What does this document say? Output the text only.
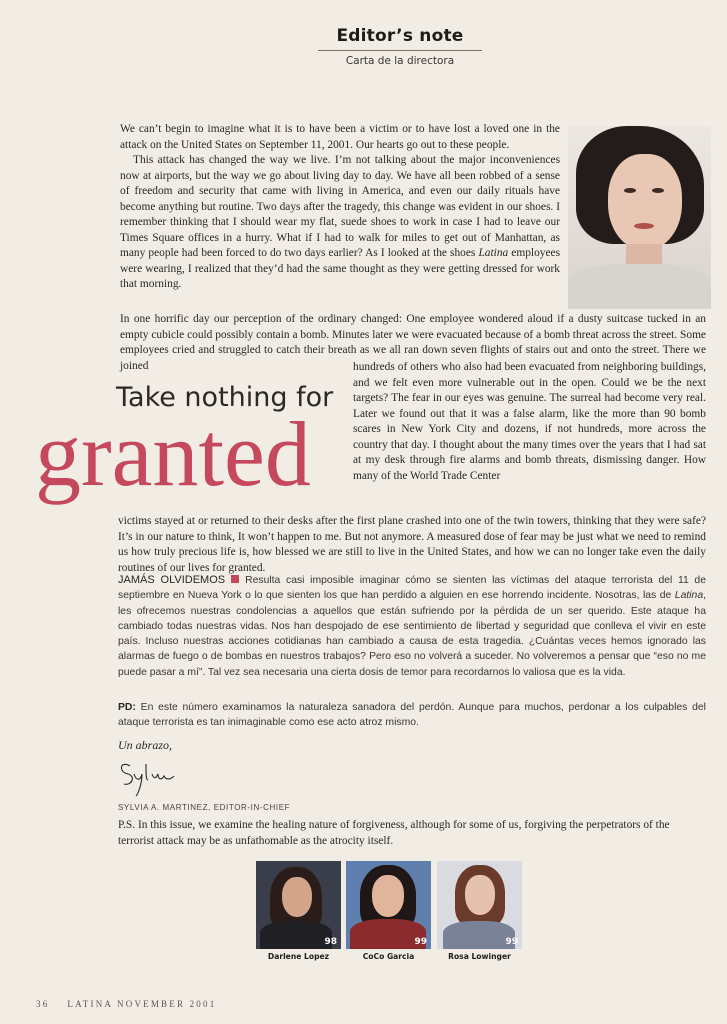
Editor’s note
Carta de la directora

We can’t begin to imagine what it is to have been a victim or to have lost a loved one in the attack on the United States on September 11, 2001. Our hearts go out to these people.

This attack has changed the way we live. I’m not talking about the major inconveniences now at airports, but the way we go about living day to day. We have all been robbed of a sense of freedom and security that came with living in America, and even our daily rituals have become anything but routine. Two days after the tragedy, this change was evident in our shoes. I remember thinking that I should wear my flat, suede shoes to work in case I had to leave our Times Square offices in a hurry. What if I had to walk for miles to get out of Manhattan, as many people had been forced to do two days earlier? As I looked at the shoes Latina employees were wearing, I realized that they’d had the same thought as they were getting dressed for work that morning.

In one horrific day our perception of the ordinary changed: One employee wondered aloud if a dusty suitcase tucked in an empty cubicle could possibly contain a bomb. Minutes later we were evacuated because of a bomb threat across the street. Some employees cried and struggled to catch their breath as we all ran down seven flights of stairs out and onto the street. There we joined

Take nothing for
granted

hundreds of others who also had been evacuated from neighboring buildings, and we felt even more vulnerable out in the open. Could we be the next targets? The fear in our eyes was genuine. The surreal had become very real. Later we found out that it was a false alarm, like the more than 90 bomb scares in New York City and dozens, if not hundreds, more across the country that day. I thought about the many times over the years that I had sat at my desk through fire alarms and bomb threats, dismissing danger. How many of the World Trade Center

victims stayed at or returned to their desks after the first plane crashed into one of the twin towers, thinking that they were safe? It’s in our nature to think, It won’t happen to me. But not anymore. A measured dose of fear may be just what we need to remind us how truly precious life is, how blessed we are still to live in the United States, and how we can no longer take even the daily routines of our lives for granted.

JAMÁS OLVIDEMOS Resulta casi imposible imaginar cómo se sienten las víctimas del ataque terrorista del 11 de septiembre en Nueva York o lo que sienten los que han perdido a alguien en ese horrendo incidente. Nosotras, las de Latina, les ofrecemos nuestras condolencias a aquellos que están sufriendo por la pérdida de un ser querido. Este ataque ha cambiado todas nuestras vidas. Nos han despojado de ese sentimiento de libertad y seguridad que conlleva el vivir en este país. Incluso nuestras acciones cotidianas han cambiado a causa de esta tragedia. ¿Cuántas veces hemos ignorado las alarmas de fuego o de bombas en nuestros trabajos? Pero eso no volverá a suceder. No volveremos a pensar que “eso no me puede pasar a mí”. Tal vez sea necesaria una cierta dosis de temor para recordarnos lo valiosa que es la vida.

PD: En este número examinamos la naturaleza sanadora del perdón. Aunque para muchos, perdonar a los culpables del ataque terrorista es tan inimaginable como ese acto atroz mismo.

Un abrazo,
SYLVIA A. MARTINEZ, EDITOR-IN-CHIEF

P.S. In this issue, we examine the healing nature of forgiveness, although for some of us, forgiving the perpetrators of the terrorist attack may be as unfathomable as the atrocity itself.

98
Darlene Lopez
99
CoCo Garcia
99
Rosa Lowinger
36 LATINA NOVEMBER 2001
